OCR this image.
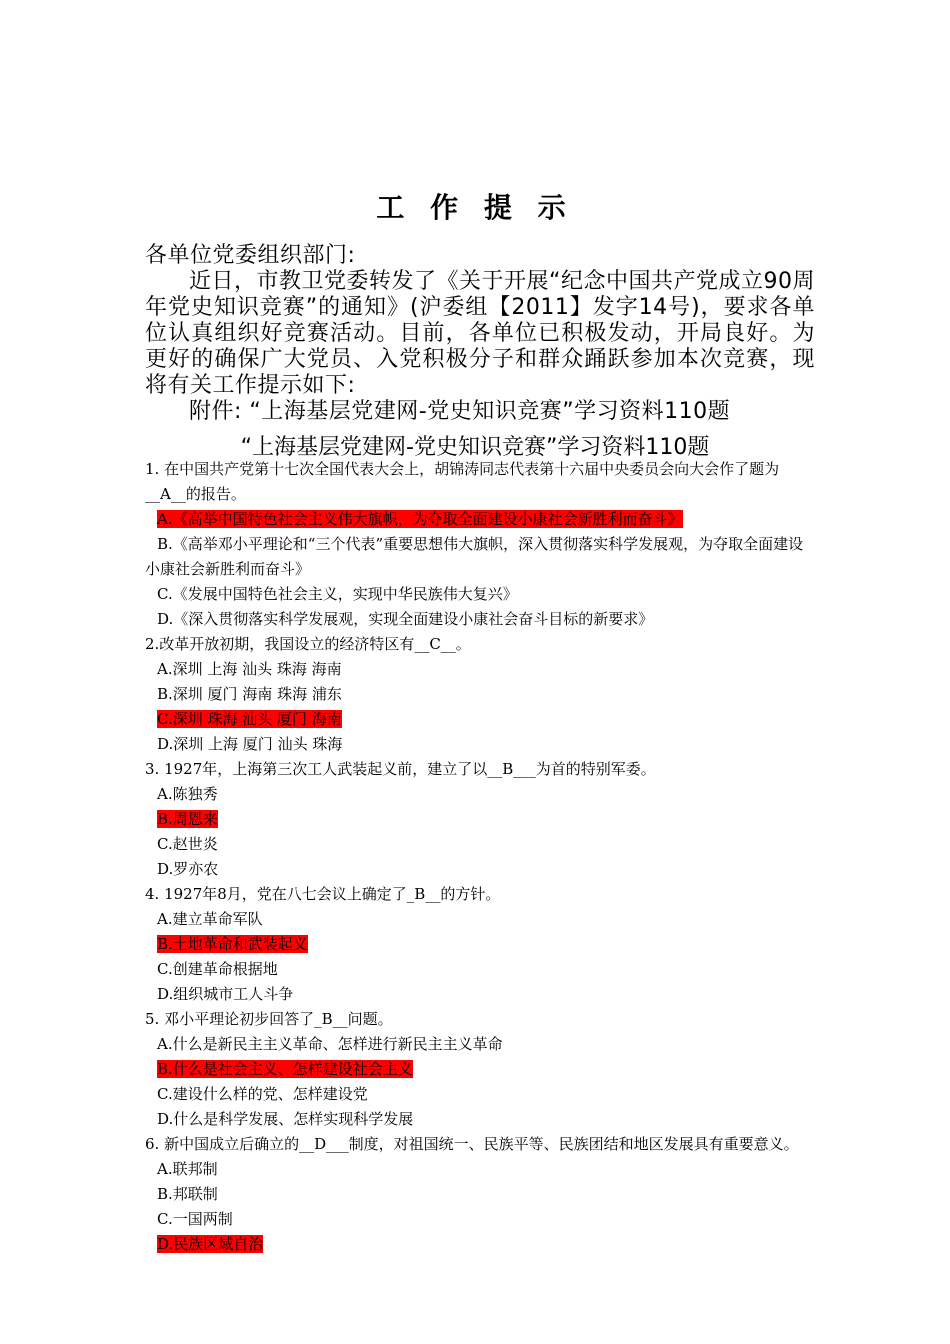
工 作 提 示

各单位党委组织部门:

近日，市教卫党委转发了《关于开展“纪念中国共产党成立90周年党史知识竞赛”的通知》(沪委组【2011】发字14号)，要求各单位认真组织好竞赛活动。目前，各单位已积极发动，开局良好。为更好的确保广大党员、入党积极分子和群众踊跃参加本次竞赛，现将有关工作提示如下:

附件: “上海基层党建网-党史知识竞赛”学习资料110题

“上海基层党建网-党史知识竞赛”学习资料110题

1. 在中国共产党第十七次全国代表大会上，胡锦涛同志代表第十六届中央委员会向大会作了题为__A__的报告。

A.《高举中国特色社会主义伟大旗帜，为夺取全面建设小康社会新胜利而奋斗》

B.《高举邓小平理论和“三个代表”重要思想伟大旗帜，深入贯彻落实科学发展观，为夺取全面建设小康社会新胜利而奋斗》

C.《发展中国特色社会主义，实现中华民族伟大复兴》

D.《深入贯彻落实科学发展观，实现全面建设小康社会奋斗目标的新要求》

2.改革开放初期，我国设立的经济特区有__C__。

A.深圳 上海 汕头 珠海 海南

B.深圳 厦门 海南 珠海 浦东

C.深圳 珠海 汕头 厦门 海南

D.深圳 上海 厦门 汕头 珠海

3. 1927年，上海第三次工人武装起义前，建立了以__B___为首的特别军委。

A.陈独秀

B.周恩来

C.赵世炎

D.罗亦农

4. 1927年8月，党在八七会议上确定了_B__的方针。

A.建立革命军队

B.土地革命和武装起义

C.创建革命根据地

D.组织城市工人斗争

5. 邓小平理论初步回答了_B__问题。

A.什么是新民主主义革命、怎样进行新民主主义革命

B.什么是社会主义、怎样建设社会主义

C.建设什么样的党、怎样建设党

D.什么是科学发展、怎样实现科学发展

6. 新中国成立后确立的__D___制度，对祖国统一、民族平等、民族团结和地区发展具有重要意义。

A.联邦制

B.邦联制

C.一国两制

D.民族区域自治
